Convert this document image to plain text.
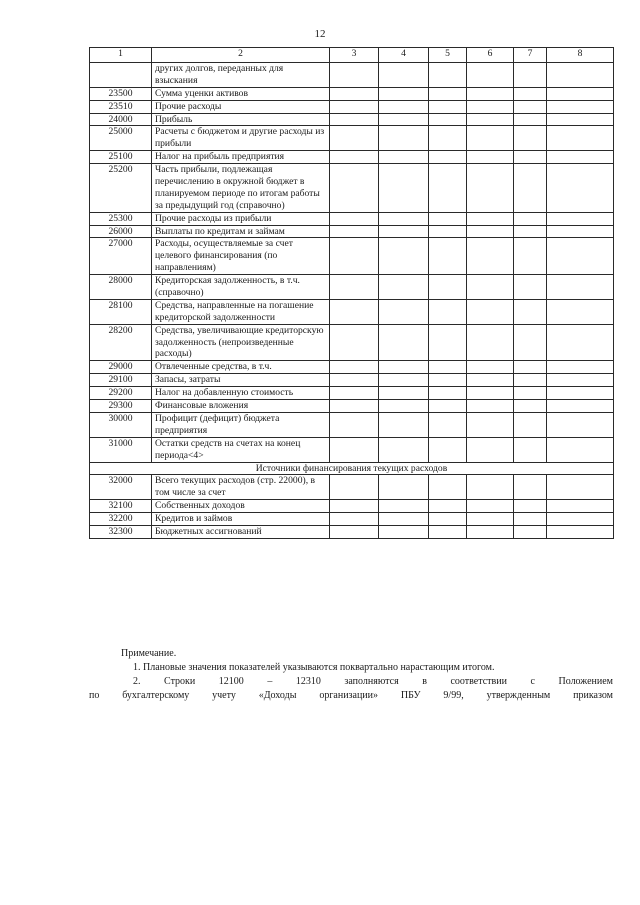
12
1	2	3	4	5	6	7	8
	других долгов, переданных для взыскания						
23500	Сумма уценки активов						
23510	Прочие расходы						
24000	Прибыль						
25000	Расчеты с бюджетом и другие расходы из прибыли						
25100	Налог на прибыль предприятия						
25200	Часть прибыли, подлежащая перечислению в окружной бюджет в планируемом периоде по итогам работы за предыдущий год (справочно)						
25300	Прочие расходы из прибыли						
26000	Выплаты по кредитам и займам						
27000	Расходы, осуществляемые за счет целевого финансирования (по направлениям)						
28000	Кредиторская задолженность, в т.ч. (справочно)						
28100	Средства, направленные на погашение кредиторской задолженности						
28200	Средства, увеличивающие кредиторскую задолженность (непроизведенные расходы)						
29000	Отвлеченные средства, в т.ч.						
29100	Запасы, затраты						
29200	Налог на добавленную стоимость						
29300	Финансовые вложения						
30000	Профицит (дефицит) бюджета предприятия						
31000	Остатки средств на счетах на конец периода<4>						
Источники финансирования текущих расходов							
32000	Всего текущих расходов (стр. 22000), в том числе за счет						
32100	Собственных доходов						
32200	Кредитов и займов						
32300	Бюджетных ассигнований						

Примечание.

1. Плановые значения показателей указываются поквартально нарастающим итогом.

2. Строки 12100 – 12310 заполняются в соответствии с Положением

по бухгалтерскому учету «Доходы организации» ПБУ 9/99, утвержденным приказом
